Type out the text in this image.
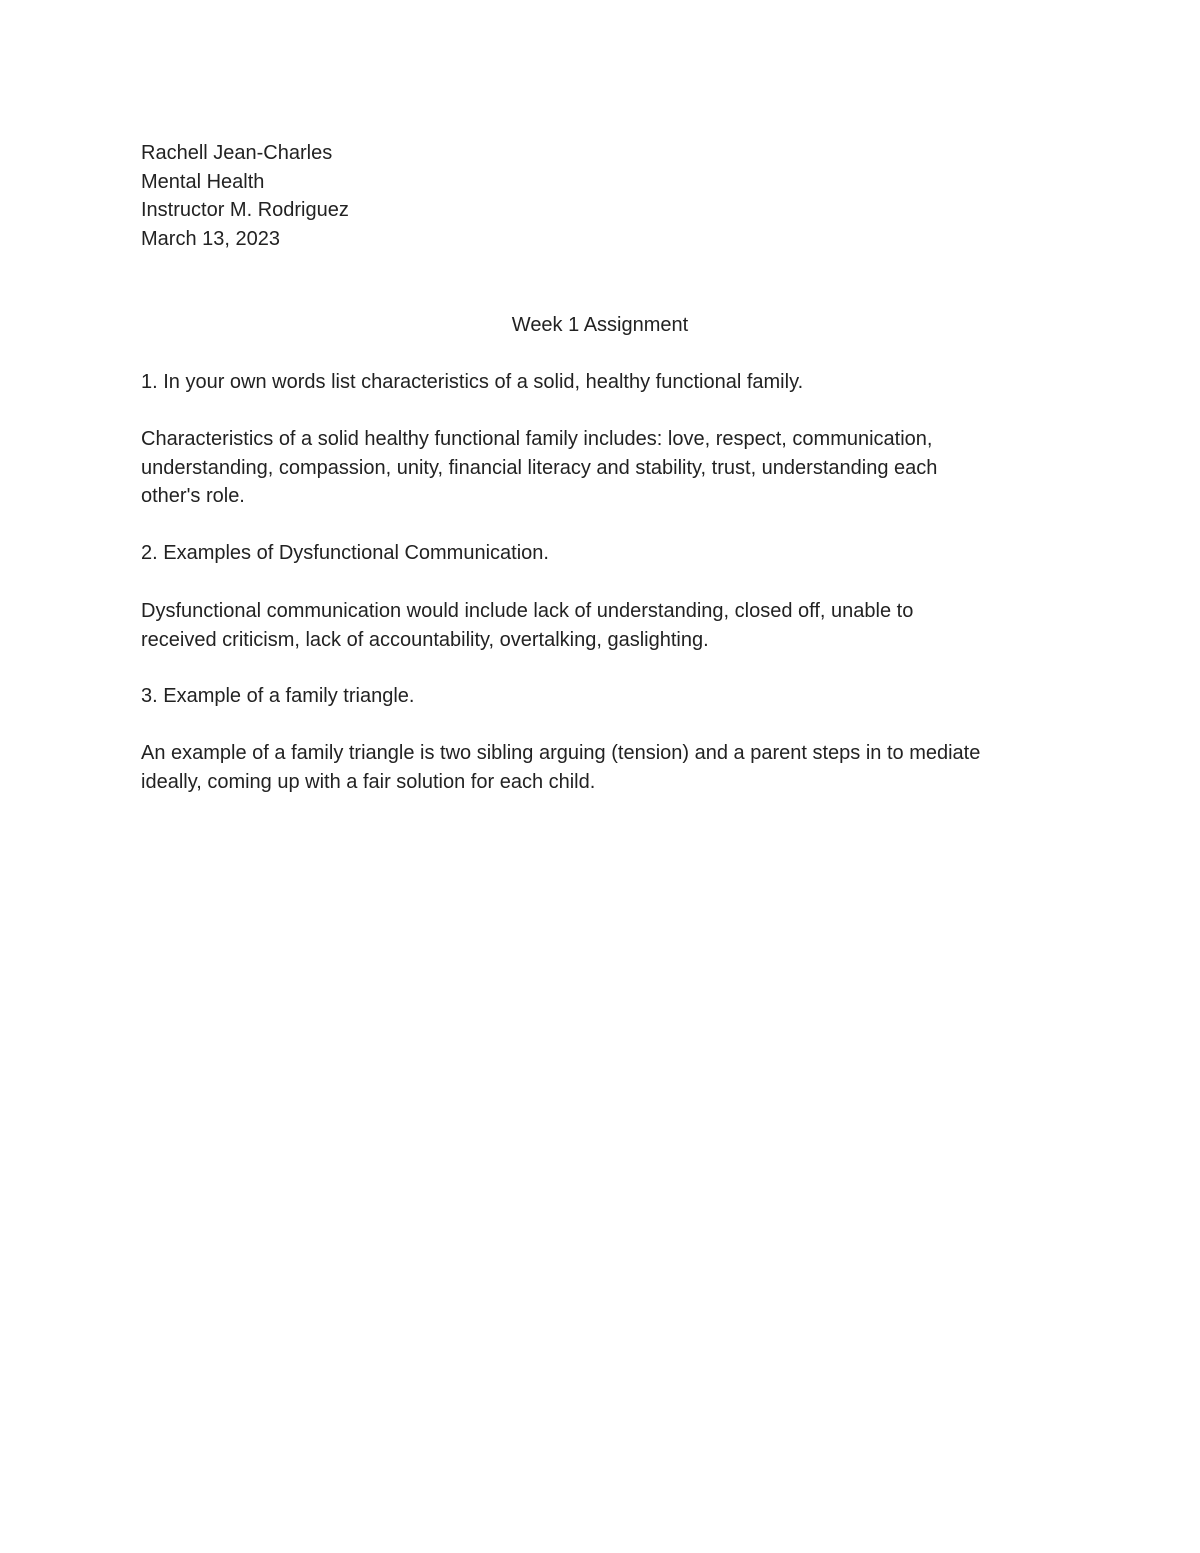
Rachell Jean-Charles
Mental Health
Instructor M. Rodriguez
March 13, 2023
Week 1 Assignment
1. In your own words list characteristics of a solid, healthy functional family.
Characteristics of a solid healthy functional family includes: love, respect, communication,
understanding, compassion, unity, financial literacy and stability, trust, understanding each
other's role.
2. Examples of Dysfunctional Communication.
Dysfunctional communication would include lack of understanding, closed off, unable to
received criticism, lack of accountability, overtalking, gaslighting.
3. Example of a family triangle.
An example of a family triangle is two sibling arguing (tension) and a parent steps in to mediate
ideally, coming up with a fair solution for each child.
